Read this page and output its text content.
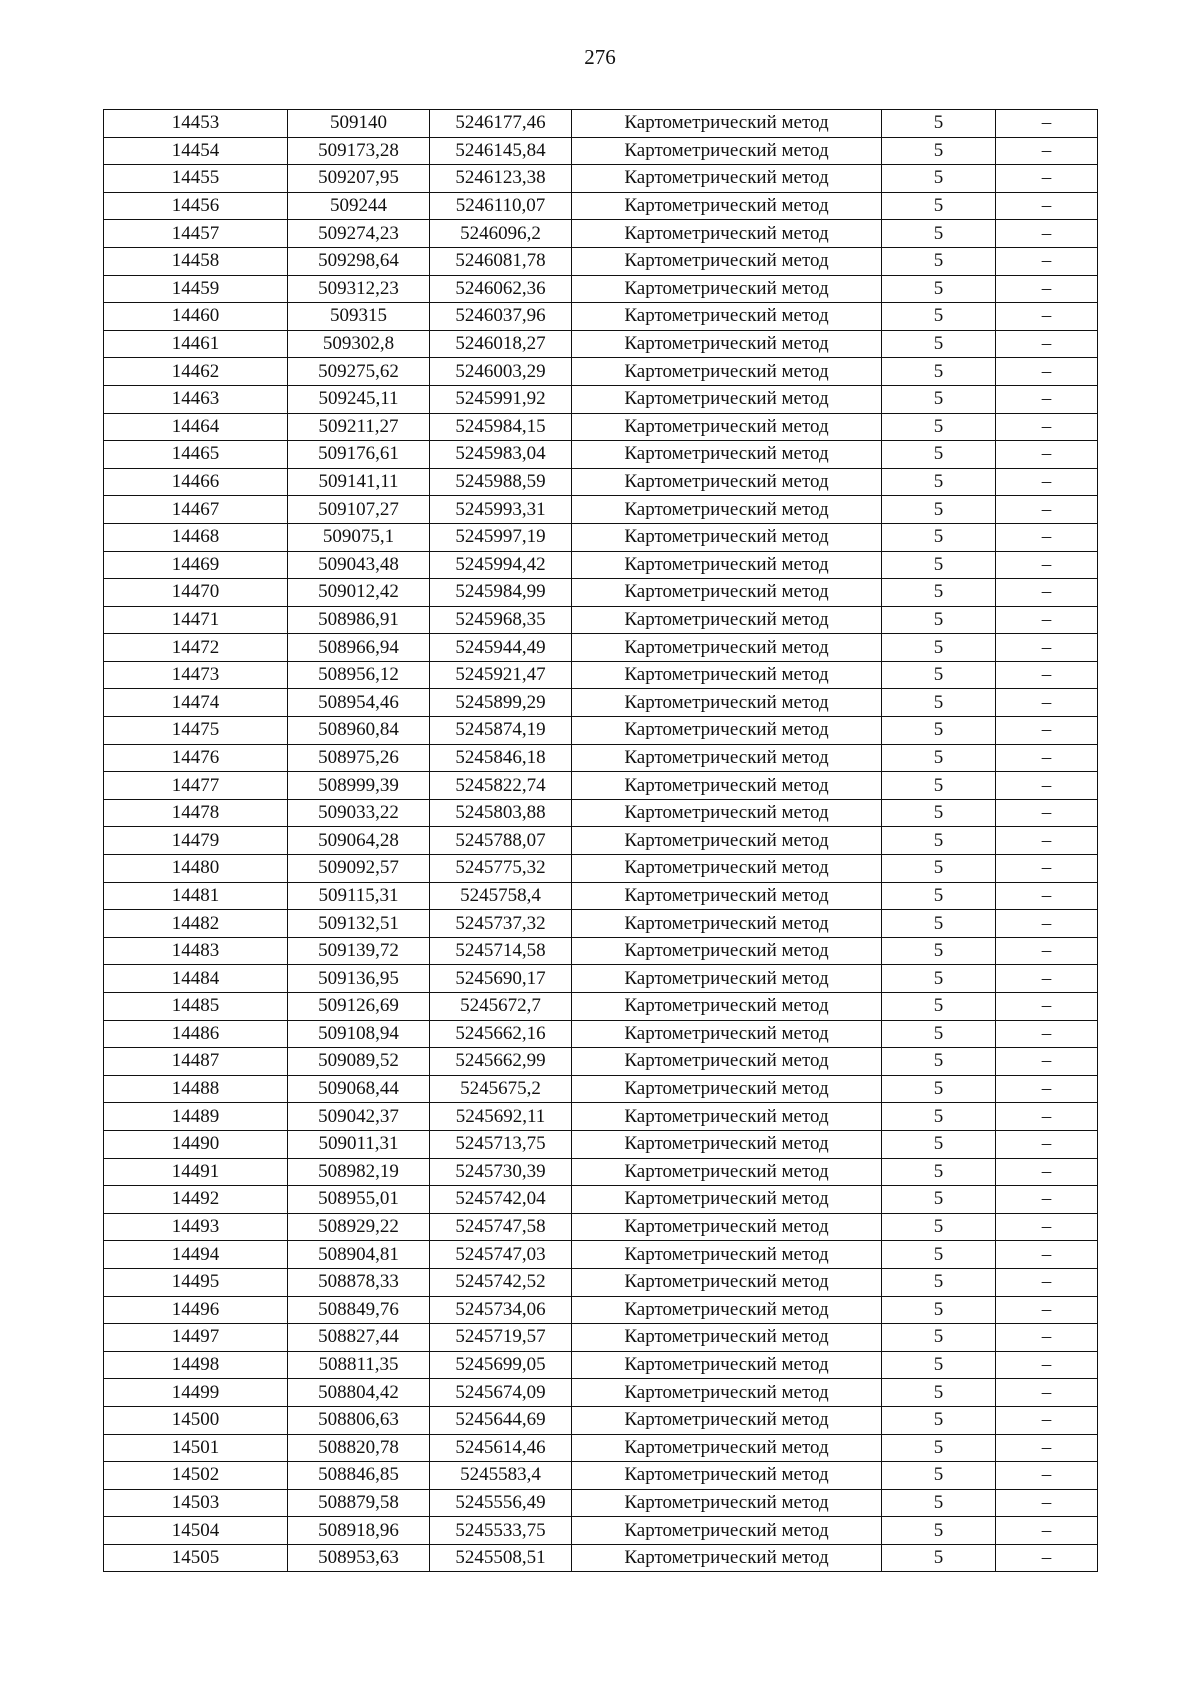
276
14453	509140	5246177,46	Картометрический метод	5	–
14454	509173,28	5246145,84	Картометрический метод	5	–
14455	509207,95	5246123,38	Картометрический метод	5	–
14456	509244	5246110,07	Картометрический метод	5	–
14457	509274,23	5246096,2	Картометрический метод	5	–
14458	509298,64	5246081,78	Картометрический метод	5	–
14459	509312,23	5246062,36	Картометрический метод	5	–
14460	509315	5246037,96	Картометрический метод	5	–
14461	509302,8	5246018,27	Картометрический метод	5	–
14462	509275,62	5246003,29	Картометрический метод	5	–
14463	509245,11	5245991,92	Картометрический метод	5	–
14464	509211,27	5245984,15	Картометрический метод	5	–
14465	509176,61	5245983,04	Картометрический метод	5	–
14466	509141,11	5245988,59	Картометрический метод	5	–
14467	509107,27	5245993,31	Картометрический метод	5	–
14468	509075,1	5245997,19	Картометрический метод	5	–
14469	509043,48	5245994,42	Картометрический метод	5	–
14470	509012,42	5245984,99	Картометрический метод	5	–
14471	508986,91	5245968,35	Картометрический метод	5	–
14472	508966,94	5245944,49	Картометрический метод	5	–
14473	508956,12	5245921,47	Картометрический метод	5	–
14474	508954,46	5245899,29	Картометрический метод	5	–
14475	508960,84	5245874,19	Картометрический метод	5	–
14476	508975,26	5245846,18	Картометрический метод	5	–
14477	508999,39	5245822,74	Картометрический метод	5	–
14478	509033,22	5245803,88	Картометрический метод	5	–
14479	509064,28	5245788,07	Картометрический метод	5	–
14480	509092,57	5245775,32	Картометрический метод	5	–
14481	509115,31	5245758,4	Картометрический метод	5	–
14482	509132,51	5245737,32	Картометрический метод	5	–
14483	509139,72	5245714,58	Картометрический метод	5	–
14484	509136,95	5245690,17	Картометрический метод	5	–
14485	509126,69	5245672,7	Картометрический метод	5	–
14486	509108,94	5245662,16	Картометрический метод	5	–
14487	509089,52	5245662,99	Картометрический метод	5	–
14488	509068,44	5245675,2	Картометрический метод	5	–
14489	509042,37	5245692,11	Картометрический метод	5	–
14490	509011,31	5245713,75	Картометрический метод	5	–
14491	508982,19	5245730,39	Картометрический метод	5	–
14492	508955,01	5245742,04	Картометрический метод	5	–
14493	508929,22	5245747,58	Картометрический метод	5	–
14494	508904,81	5245747,03	Картометрический метод	5	–
14495	508878,33	5245742,52	Картометрический метод	5	–
14496	508849,76	5245734,06	Картометрический метод	5	–
14497	508827,44	5245719,57	Картометрический метод	5	–
14498	508811,35	5245699,05	Картометрический метод	5	–
14499	508804,42	5245674,09	Картометрический метод	5	–
14500	508806,63	5245644,69	Картометрический метод	5	–
14501	508820,78	5245614,46	Картометрический метод	5	–
14502	508846,85	5245583,4	Картометрический метод	5	–
14503	508879,58	5245556,49	Картометрический метод	5	–
14504	508918,96	5245533,75	Картометрический метод	5	–
14505	508953,63	5245508,51	Картометрический метод	5	–
